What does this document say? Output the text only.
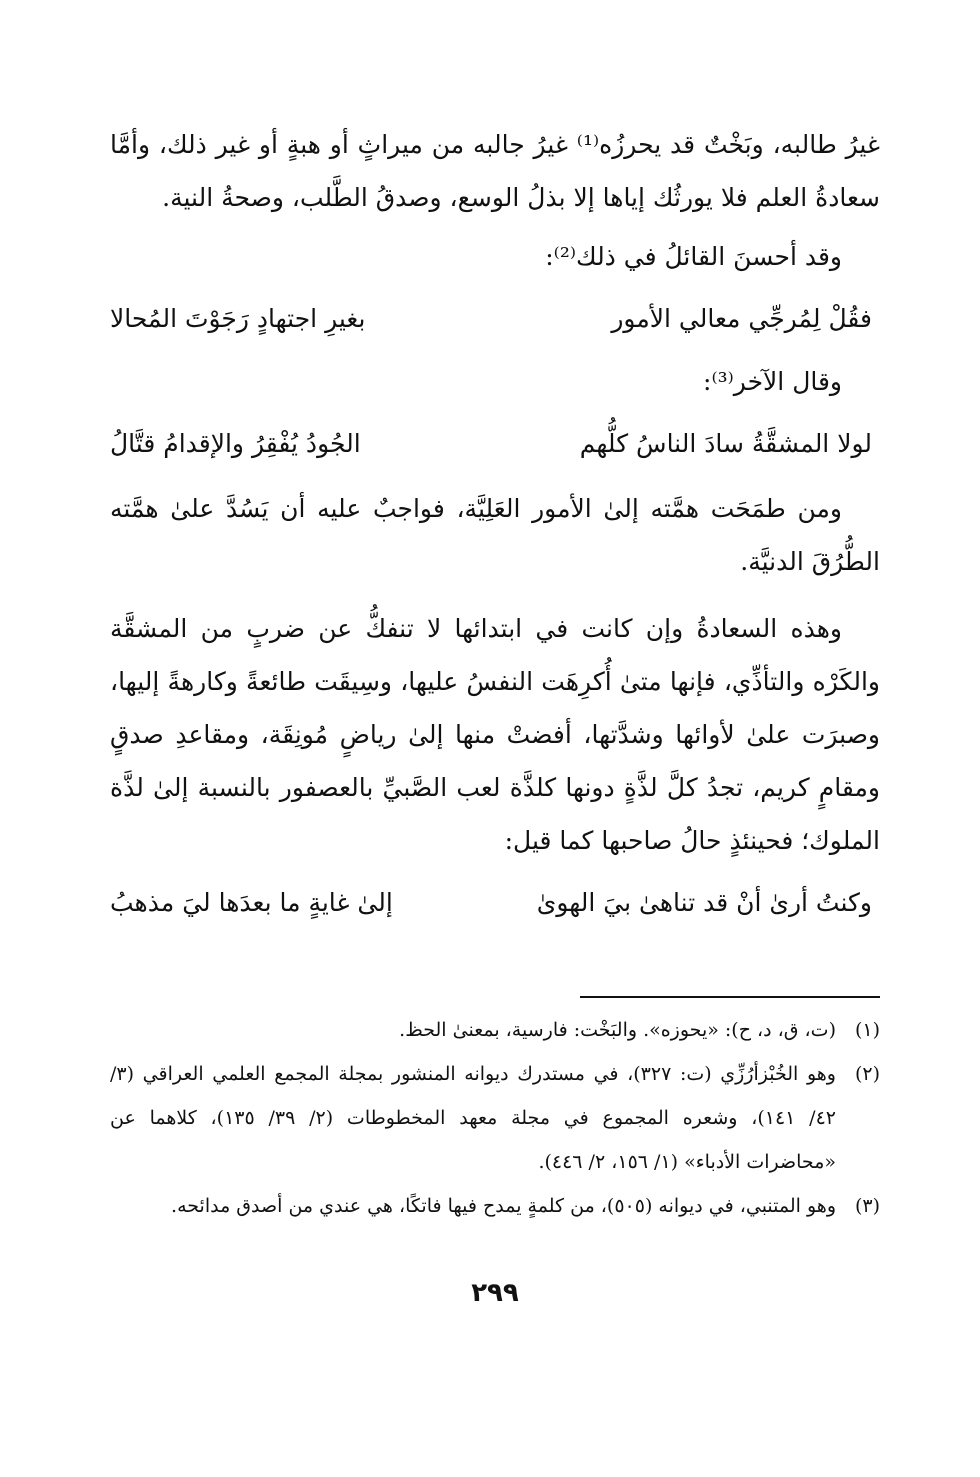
غيرُ طالبه، وبَخْتٌ قد يحرزُه⁽¹⁾ غيرُ جالبه من ميراثٍ أو هبةٍ أو غير ذلك، وأمَّا سعادةُ العلم فلا يورثُك إياها إلا بذلُ الوسع، وصدقُ الطَّلب، وصحةُ النية.

وقد أحسنَ القائلُ في ذلك⁽²⁾:

فقُلْ لِمُرجِّي معالي الأمور
بغيرِ اجتهادٍ رَجَوْتَ المُحالا

وقال الآخر⁽³⁾:

لولا المشقَّةُ سادَ الناسُ كلُّهم
الجُودُ يُفْقِرُ والإقدامُ قتَّالُ

ومن طمَحَت همَّته إلىٰ الأمور العَلِيَّة، فواجبٌ عليه أن يَسُدَّ علىٰ همَّته الطُّرُقَ الدنيَّة.

وهذه السعادةُ وإن كانت في ابتدائها لا تنفكُّ عن ضربٍ من المشقَّة والكَرْه والتأذِّي، فإنها متىٰ أُكرِهَت النفسُ عليها، وسِيقَت طائعةً وكارهةً إليها، وصبرَت علىٰ لأوائها وشدَّتها، أفضتْ منها إلىٰ رياضٍ مُونِقَة، ومقاعدِ صدقٍ ومقامٍ كريم، تجدُ كلَّ لذَّةٍ دونها كلذَّة لعب الصَّبيِّ بالعصفور بالنسبة إلىٰ لذَّة الملوك؛ فحينئذٍ حالُ صاحبها كما قيل:

وكنتُ أرىٰ أنْ قد تناهىٰ بيَ الهوىٰ
إلىٰ غايةٍ ما بعدَها ليَ مذهبُ
(١)
(ت، ق، د، ح): «يحوزه». والبَخْت: فارسية، بمعنىٰ الحظ.
(٢)
وهو الخُبْزأرُزِّي (ت: ٣٢٧)، في مستدرك ديوانه المنشور بمجلة المجمع العلمي العراقي (٣/ ٤٢/ ١٤١)، وشعره المجموع في مجلة معهد المخطوطات (٢/ ٣٩/ ١٣٥)، كلاهما عن «محاضرات الأدباء» (١/ ١٥٦، ٢/ ٤٤٦).
(٣)
وهو المتنبي، في ديوانه (٥٠٥)، من كلمةٍ يمدح فيها فاتكًا، هي عندي من أصدق مدائحه.
٢٩٩
